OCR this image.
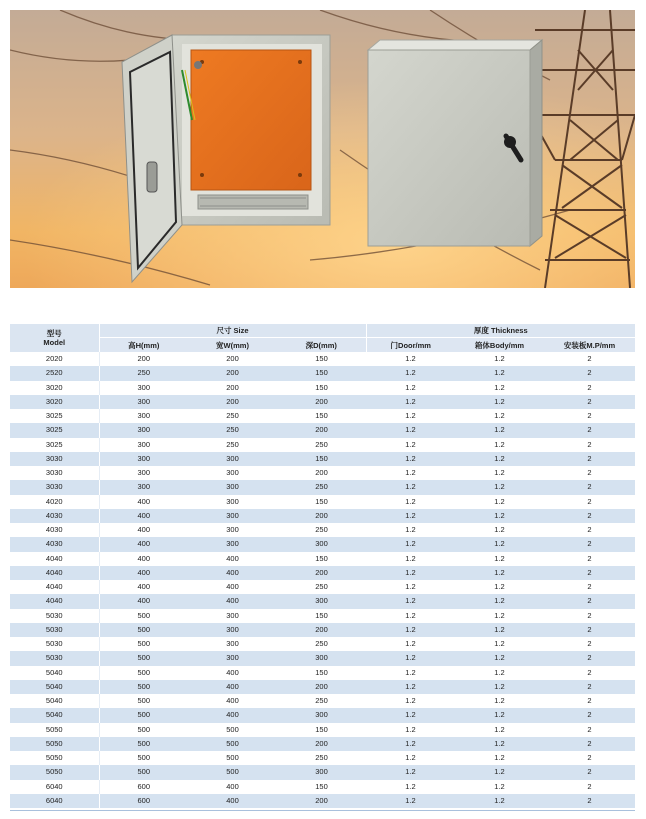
型号
Model	尺寸 Size			厚度 Thickness		
	高H(mm)	宽W(mm)	深D(mm)	门Door/mm	箱体Body/mm	安装板M.P/mm
2020	200	200	150	1.2	1.2	2
2520	250	200	150	1.2	1.2	2
3020	300	200	150	1.2	1.2	2
3020	300	200	200	1.2	1.2	2
3025	300	250	150	1.2	1.2	2
3025	300	250	200	1.2	1.2	2
3025	300	250	250	1.2	1.2	2
3030	300	300	150	1.2	1.2	2
3030	300	300	200	1.2	1.2	2
3030	300	300	250	1.2	1.2	2
4020	400	300	150	1.2	1.2	2
4030	400	300	200	1.2	1.2	2
4030	400	300	250	1.2	1.2	2
4030	400	300	300	1.2	1.2	2
4040	400	400	150	1.2	1.2	2
4040	400	400	200	1.2	1.2	2
4040	400	400	250	1.2	1.2	2
4040	400	400	300	1.2	1.2	2
5030	500	300	150	1.2	1.2	2
5030	500	300	200	1.2	1.2	2
5030	500	300	250	1.2	1.2	2
5030	500	300	300	1.2	1.2	2
5040	500	400	150	1.2	1.2	2
5040	500	400	200	1.2	1.2	2
5040	500	400	250	1.2	1.2	2
5040	500	400	300	1.2	1.2	2
5050	500	500	150	1.2	1.2	2
5050	500	500	200	1.2	1.2	2
5050	500	500	250	1.2	1.2	2
5050	500	500	300	1.2	1.2	2
6040	600	400	150	1.2	1.2	2
6040	600	400	200	1.2	1.2	2
